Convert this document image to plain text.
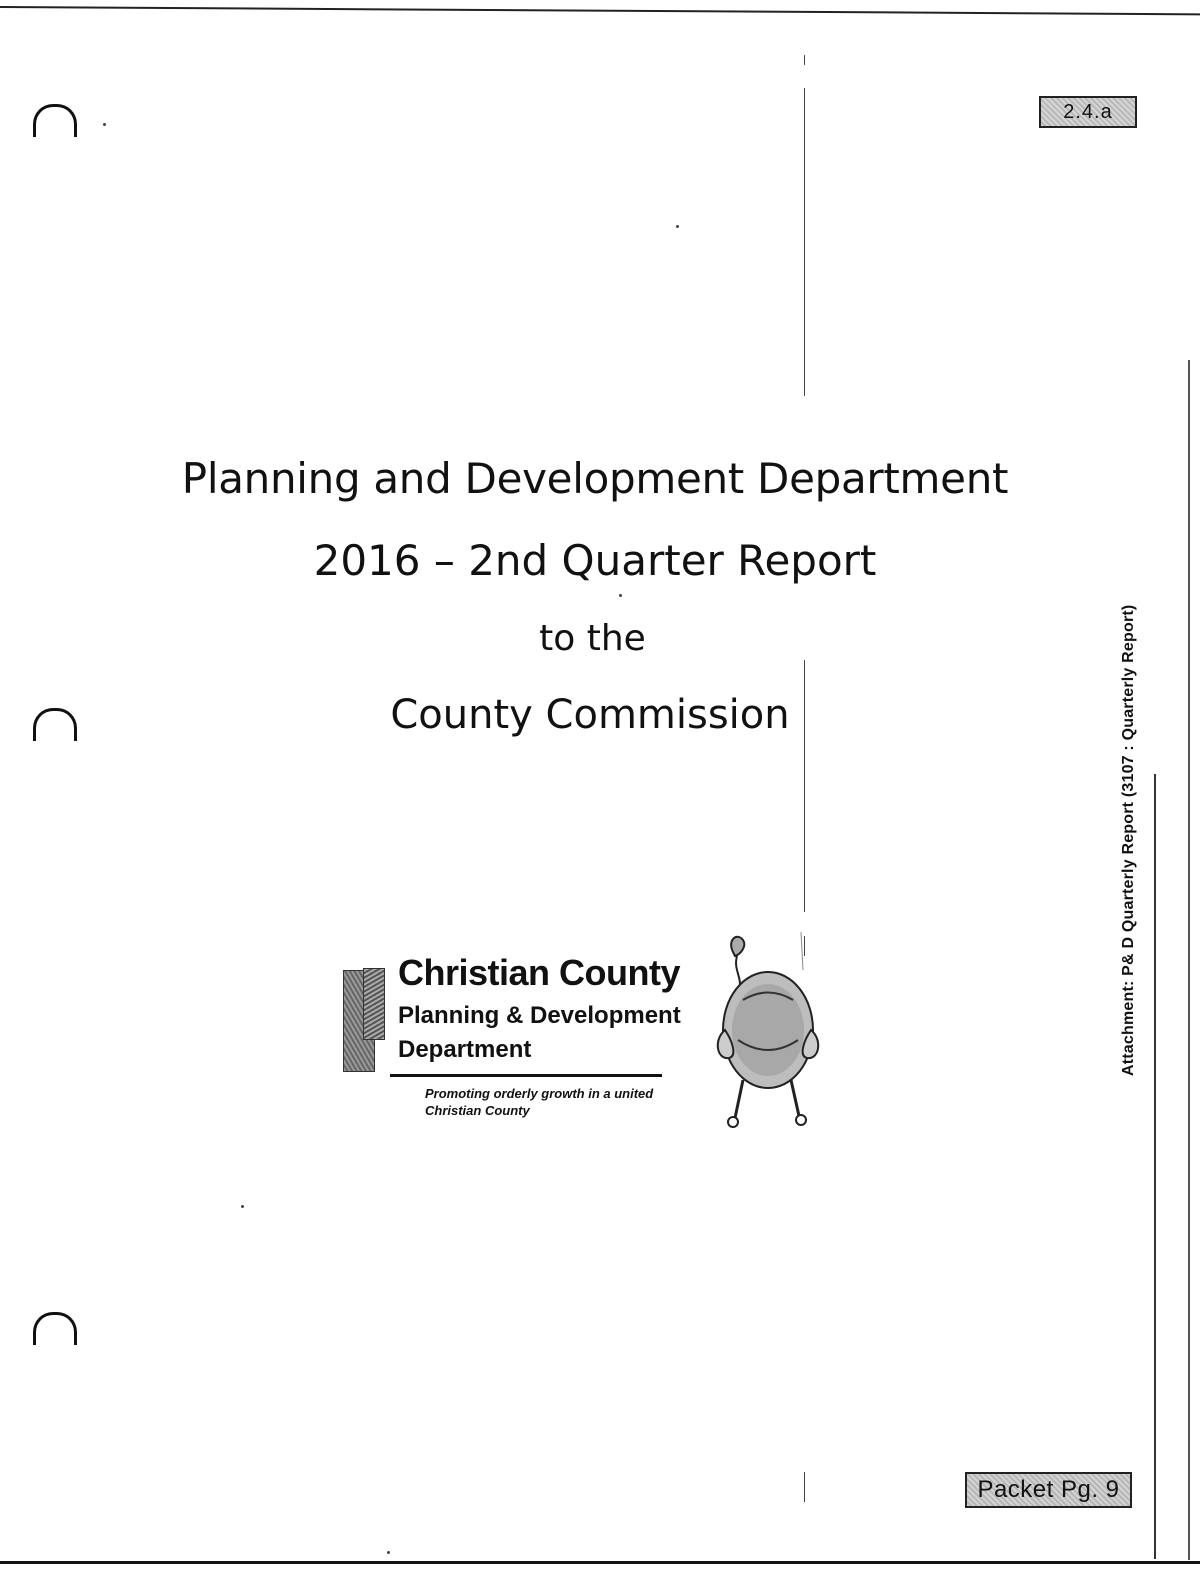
2.4.a
Planning and Development Department
2016 – 2nd Quarter Report
to the
County Commission	Attachment: P& D Quarterly Report (3107 : Quarterly Report)
Christian County
Planning & Development
Department
Promoting orderly growth in a united
Christian County
Packet Pg. 9
